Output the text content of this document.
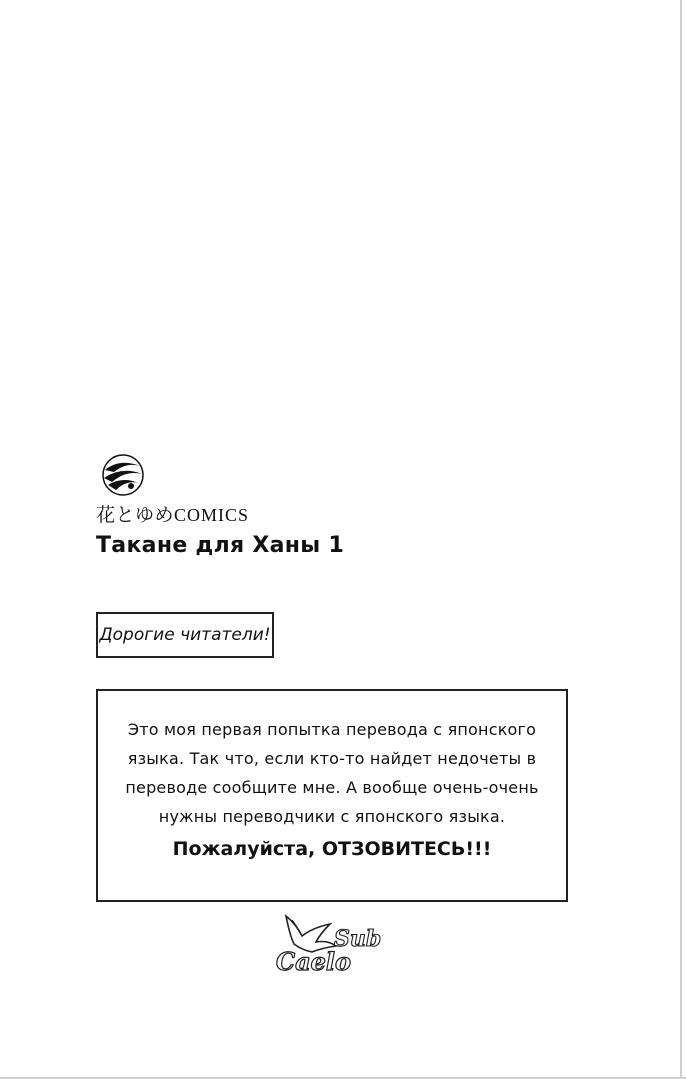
花とゆめCOMICS
Такане для Ханы 1
Дорогие читатели!
Это моя первая попытка перевода с японского
языка. Так что, если кто-то найдет недочеты в
переводе сообщите мне. А вообще очень-очень
нужны переводчики с японского языка.
Пожалуйста, ОТЗОВИТЕСЬ!!!
Sub
Caelo
